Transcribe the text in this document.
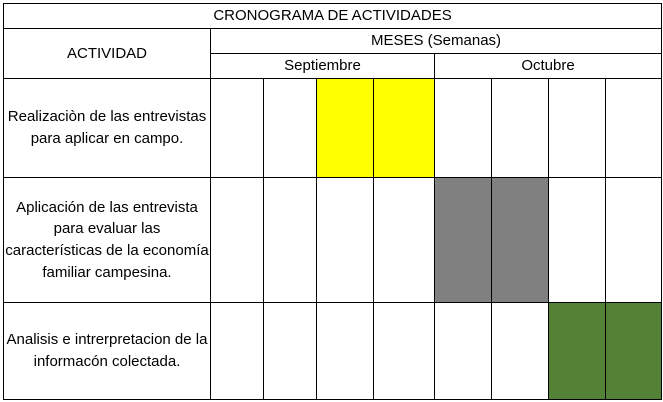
CRONOGRAMA DE ACTIVIDADES								
ACTIVIDAD	MESES (Semanas)							
	Septiembre				Octubre			
Realizaciòn de las entrevistas para aplicar en campo.								
Aplicación de las entrevista para evaluar las características de la economía familiar campesina.								
Analisis e intrerpretacion de la informacón colectada.								
